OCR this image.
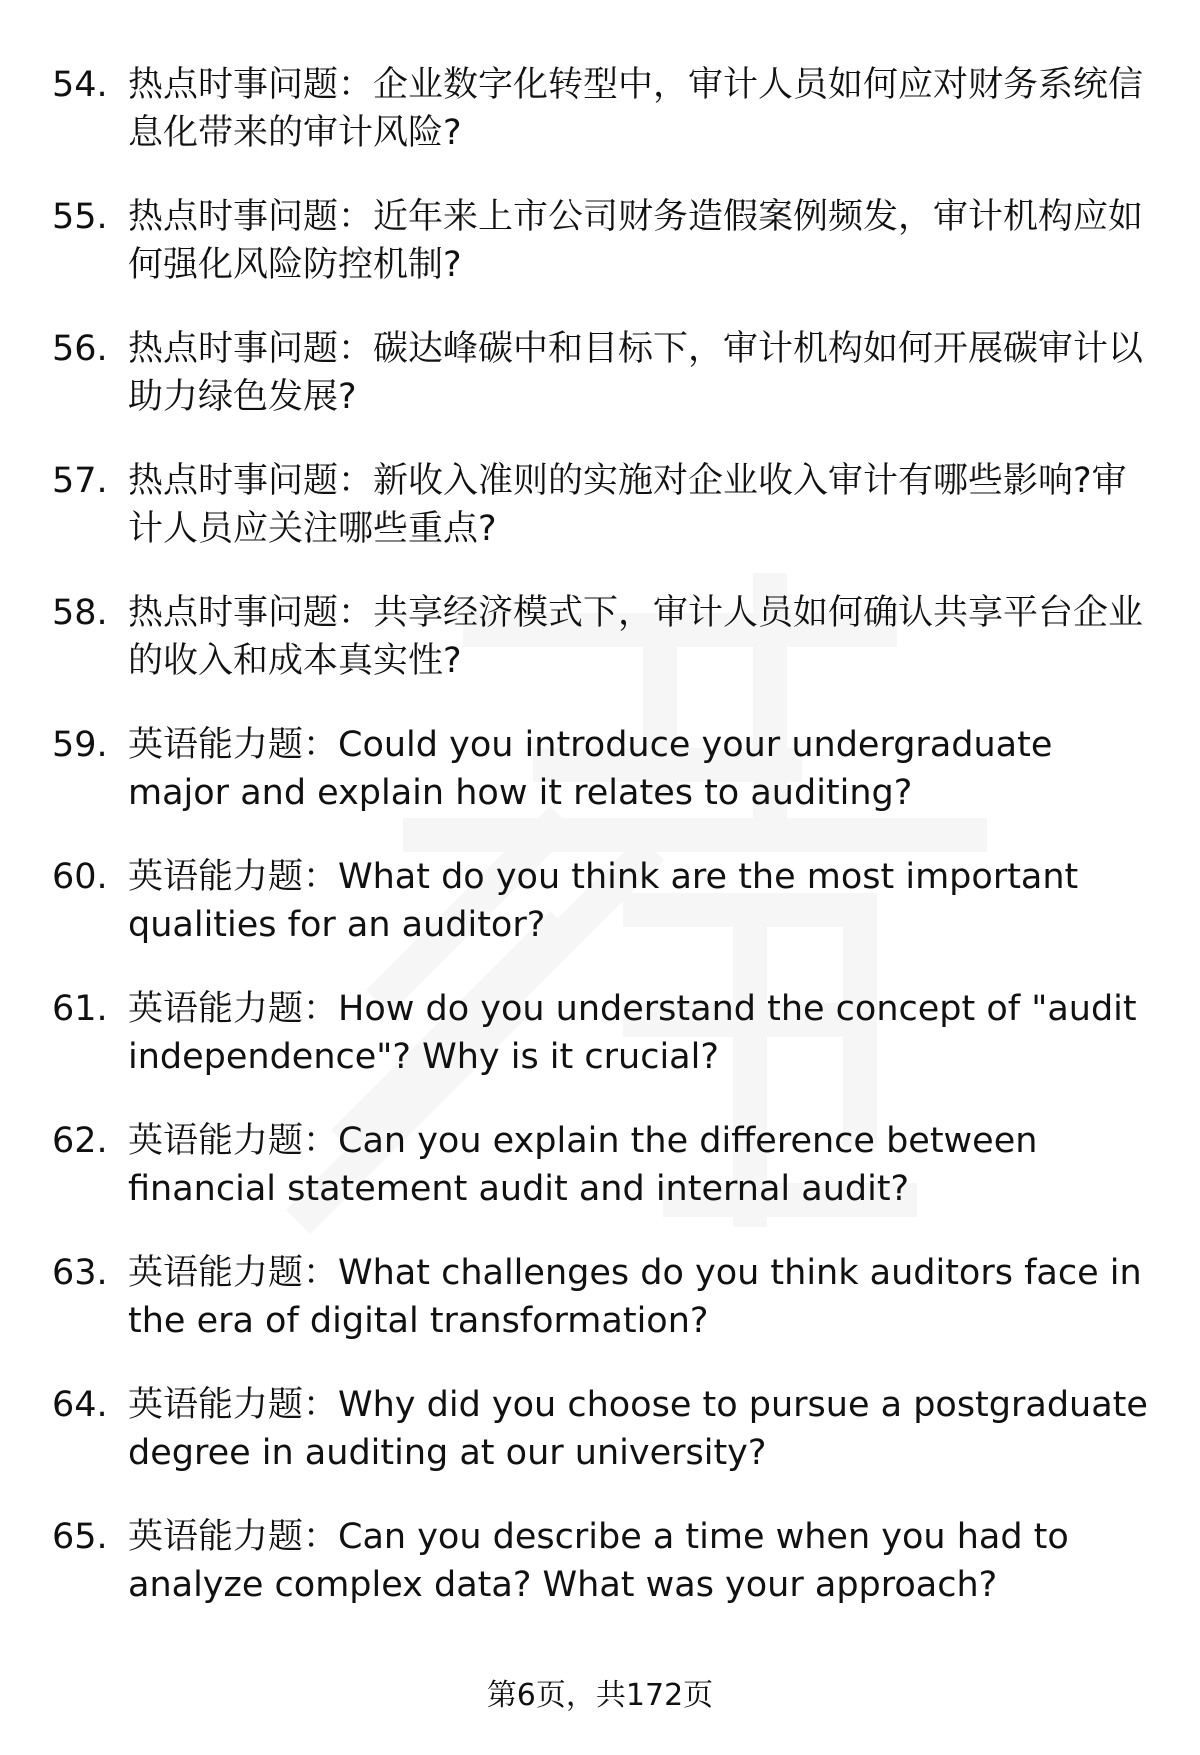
54. 热点时事问题：企业数字化转型中，审计人员如何应对财务系统信息化带来的审计风险?
55. 热点时事问题：近年来上市公司财务造假案例频发，审计机构应如何强化风险防控机制?
56. 热点时事问题：碳达峰碳中和目标下，审计机构如何开展碳审计以助力绿色发展?
57. 热点时事问题：新收入准则的实施对企业收入审计有哪些影响?审计人员应关注哪些重点?
58. 热点时事问题：共享经济模式下，审计人员如何确认共享平台企业的收入和成本真实性?
59. 英语能力题：Could you introduce your undergraduate major and explain how it relates to auditing?
60. 英语能力题：What do you think are the most important qualities for an auditor?
61. 英语能力题：How do you understand the concept of "audit independence"? Why is it crucial?
62. 英语能力题：Can you explain the difference between financial statement audit and internal audit?
63. 英语能力题：What challenges do you think auditors face in the era of digital transformation?
64. 英语能力题：Why did you choose to pursue a postgraduate degree in auditing at our university?
65. 英语能力题：Can you describe a time when you had to analyze complex data? What was your approach?
第6页，共172页
